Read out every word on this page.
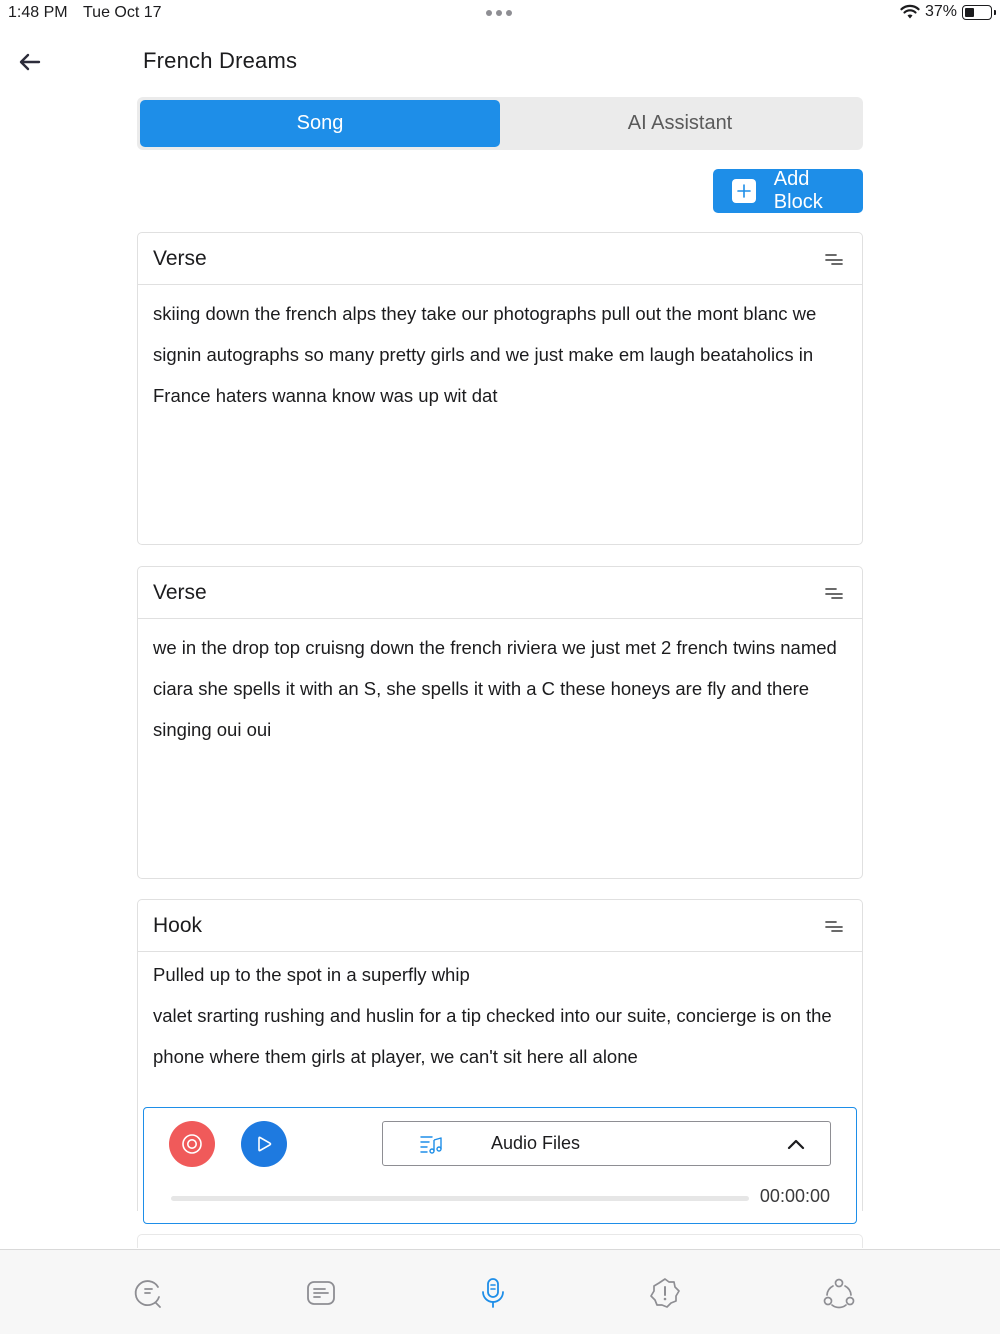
1:48 PM Tue Oct 17	37%
French Dreams
Song	AI Assistant
Add Block
Verse

skiing down the french alps they take our photographs pull out the mont blanc we signin autographs so many pretty girls and we just make em laugh beataholics in France haters wanna know was up wit dat

Verse

we in the drop top cruisng down the french riviera we just met 2 french twins named ciara she spells it with an S, she spells it with a C these honeys are fly and there singing oui oui

Hook

Pulled up to the spot in a superfly whip

valet srarting rushing and huslin for a tip checked into our suite, concierge is on the phone where them girls at player, we can't sit here all alone

Audio Files
00:00:00
